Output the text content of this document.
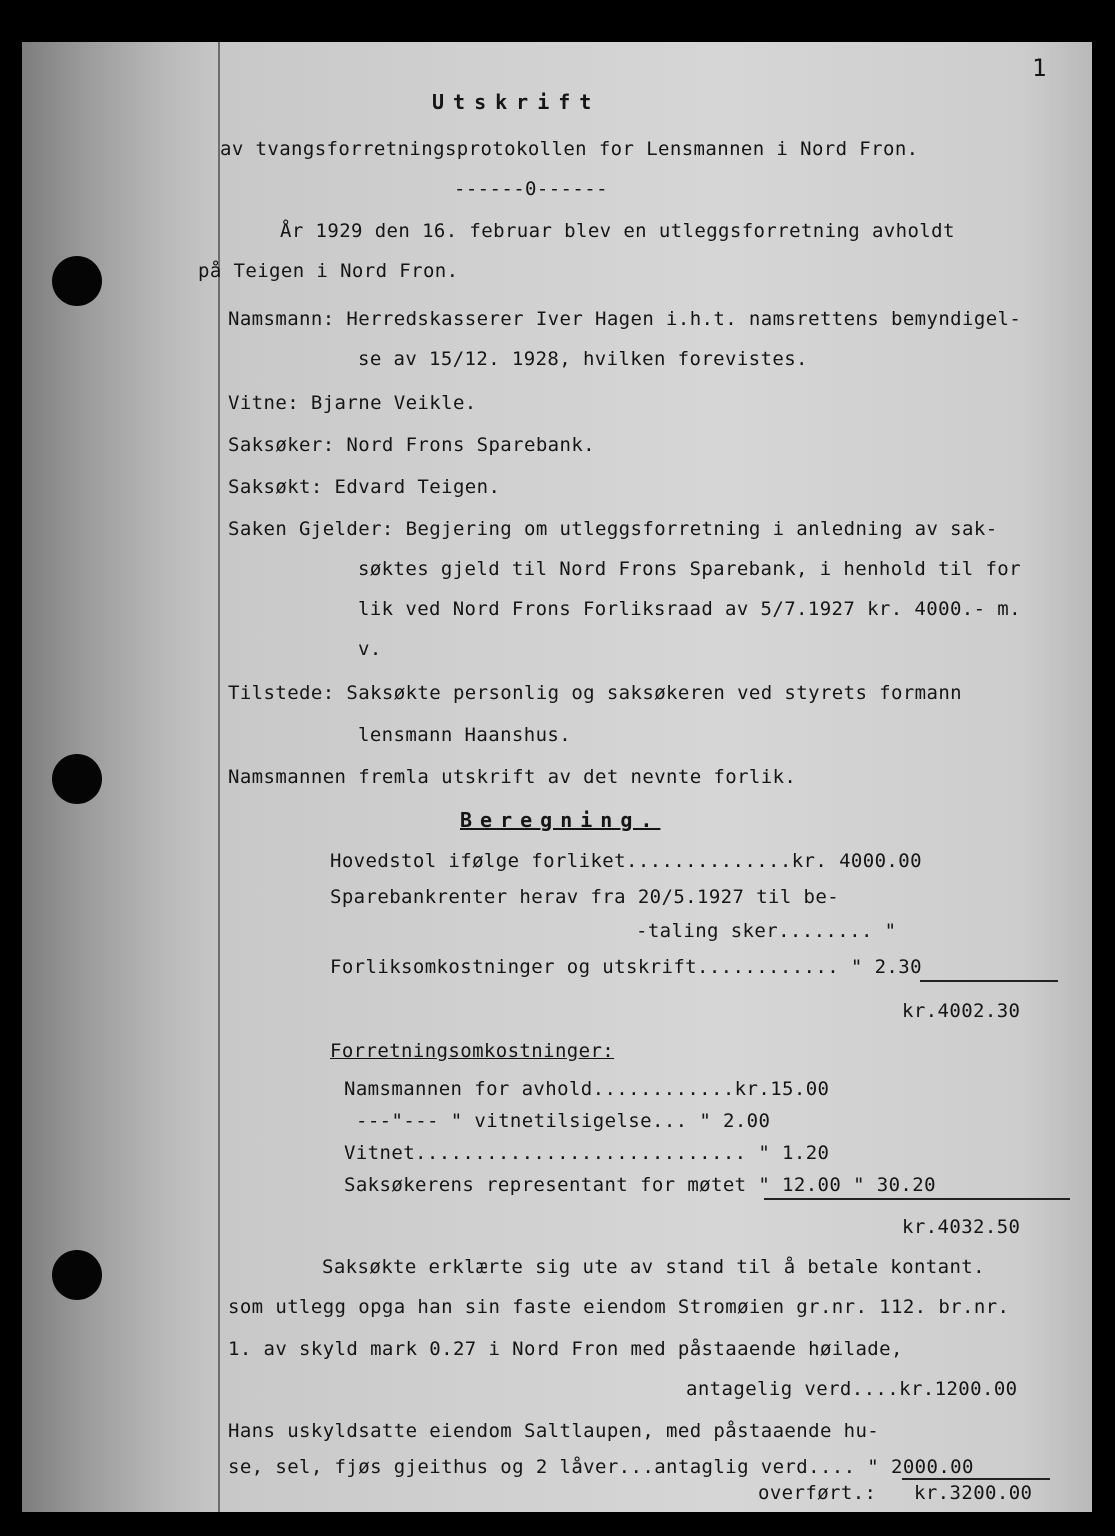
1
Utskrift
av tvangsforretningsprotokollen for Lensmannen i Nord Fron.
------0------
År 1929 den 16. februar blev en utleggsforretning avholdt
på Teigen i Nord Fron.
Namsmann: Herredskasserer Iver Hagen i.h.t. namsrettens bemyndigel-
se av 15/12. 1928, hvilken forevistes.
Vitne: Bjarne Veikle.
Saksøker: Nord Frons Sparebank.
Saksøkt: Edvard Teigen.
Saken Gjelder: Begjering om utleggsforretning i anledning av sak-
søktes gjeld til Nord Frons Sparebank, i henhold til for
lik ved Nord Frons Forliksraad av 5/7.1927 kr. 4000.- m.
v.
Tilstede: Saksøkte personlig og saksøkeren ved styrets formann
lensmann Haanshus.
Namsmannen fremla utskrift av det nevnte forlik.
Beregning.
Hovedstol ifølge forliket..............kr. 4000.00
Sparebankrenter herav fra 20/5.1927 til be-
-taling sker........ "
Forliksomkostninger og utskrift............ " 2.30
kr.4002.30
Forretningsomkostninger:
Namsmannen for avhold............kr.15.00
---"--- " vitnetilsigelse... " 2.00
Vitnet............................ " 1.20
Saksøkerens representant for møtet " 12.00 " 30.20
kr.4032.50
Saksøkte erklærte sig ute av stand til å betale kontant.
som utlegg opga han sin faste eiendom Stromøien gr.nr. 112. br.nr.
1. av skyld mark 0.27 i Nord Fron med påstaaende høilade,
antagelig verd....kr.1200.00
Hans uskyldsatte eiendom Saltlaupen, med påstaaende hu-
se, sel, fjøs gjeithus og 2 låver...antaglig verd.... " 2000.00
overført.: kr.3200.00
